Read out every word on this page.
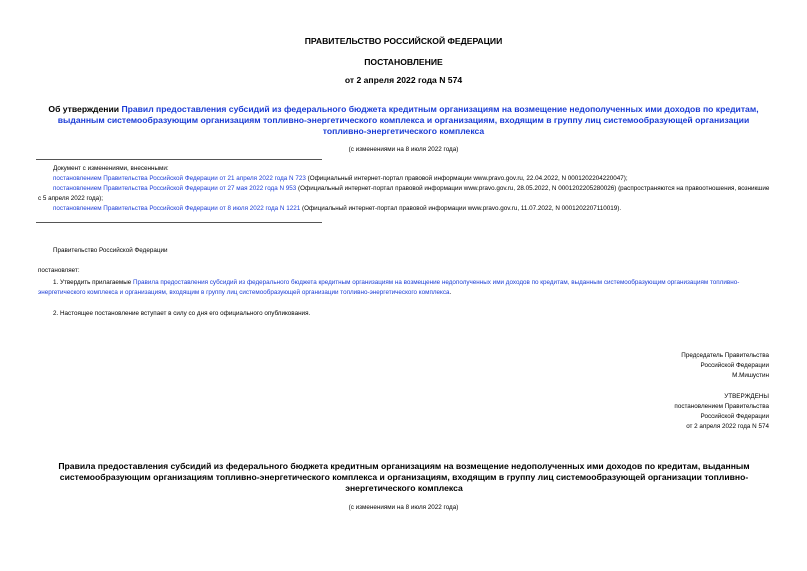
ПРАВИТЕЛЬСТВО РОССИЙСКОЙ ФЕДЕРАЦИИ
ПОСТАНОВЛЕНИЕ
от 2 апреля 2022 года N 574
Об утверждении Правил предоставления субсидий из федерального бюджета кредитным организациям на возмещение недополученных ими доходов по кредитам, выданным системообразующим организациям топливно-энергетического комплекса и организациям, входящим в группу лиц системообразующей организации топливно-энергетического комплекса
(с изменениями на 8 июля 2022 года)
Документ с изменениями, внесенными:
постановлением Правительства Российской Федерации от 21 апреля 2022 года N 723 (Официальный интернет-портал правовой информации www.pravo.gov.ru, 22.04.2022, N 0001202204220047);
постановлением Правительства Российской Федерации от 27 мая 2022 года N 953 (Официальный интернет-портал правовой информации www.pravo.gov.ru, 28.05.2022, N 0001202205280026) (распространяются на правоотношения, возникшие с 5 апреля 2022 года);
постановлением Правительства Российской Федерации от 8 июля 2022 года N 1221 (Официальный интернет-портал правовой информации www.pravo.gov.ru, 11.07.2022, N 0001202207110019).
Правительство Российской Федерации
постановляет:
1. Утвердить прилагаемые Правила предоставления субсидий из федерального бюджета кредитным организациям на возмещение недополученных ими доходов по кредитам, выданным системообразующим организациям топливно-энергетического комплекса и организациям, входящим в группу лиц системообразующей организации топливно-энергетического комплекса.
2. Настоящее постановление вступает в силу со дня его официального опубликования.
Председатель Правительства
Российской Федерации
М.Мишустин
УТВЕРЖДЕНЫ
постановлением Правительства
Российской Федерации
от 2 апреля 2022 года N 574
Правила предоставления субсидий из федерального бюджета кредитным организациям на возмещение недополученных ими доходов по кредитам, выданным системообразующим организациям топливно-энергетического комплекса и организациям, входящим в группу лиц системообразующей организации топливно-энергетического комплекса
(с изменениями на 8 июля 2022 года)
